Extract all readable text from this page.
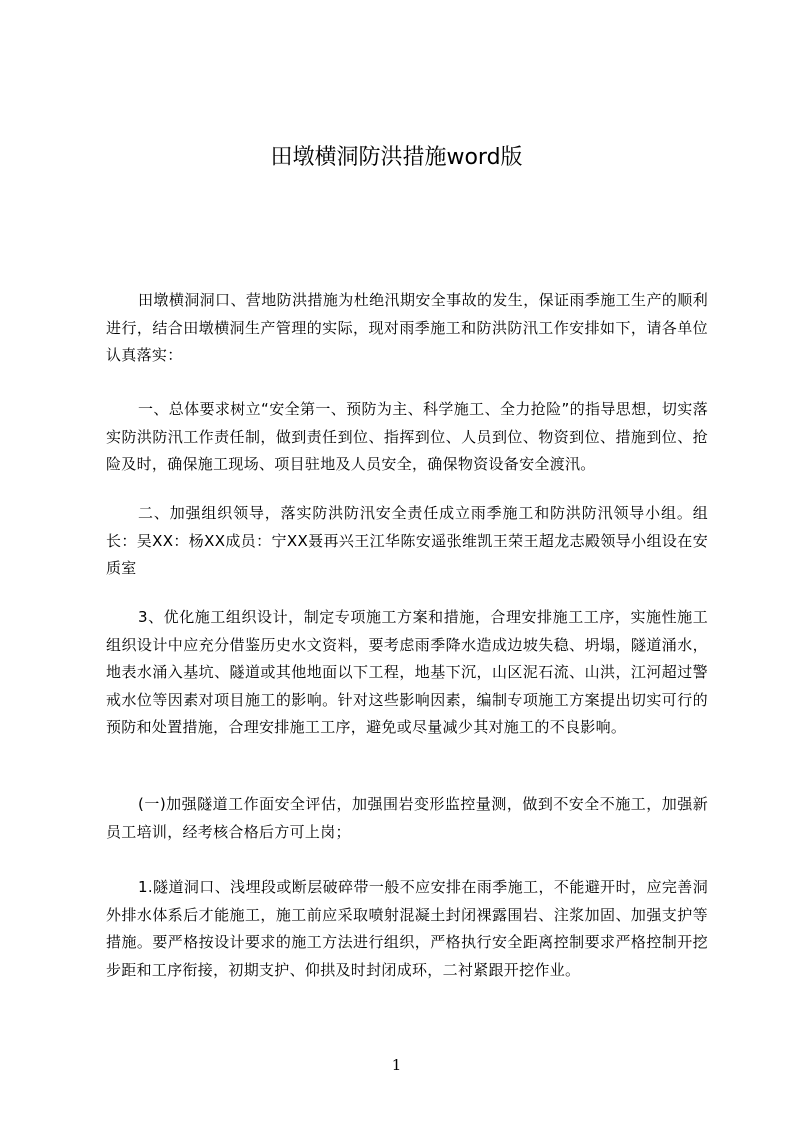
田墩横洞防洪措施word版

田墩横洞洞口、营地防洪措施为杜绝汛期安全事故的发生，保证雨季施工生产的顺利进行，结合田墩横洞生产管理的实际，现对雨季施工和防洪防汛工作安排如下，请各单位认真落实：

一、总体要求树立“安全第一、预防为主、科学施工、全力抢险”的指导思想，切实落实防洪防汛工作责任制，做到责任到位、指挥到位、人员到位、物资到位、措施到位、抢险及时，确保施工现场、项目驻地及人员安全，确保物资设备安全渡汛。

二、加强组织领导，落实防洪防汛安全责任成立雨季施工和防洪防汛领导小组。组长：吴XX：杨XX成员：宁XX聂再兴王江华陈安遥张维凯王荣王超龙志殿领导小组设在安质室

3、优化施工组织设计，制定专项施工方案和措施，合理安排施工工序，实施性施工组织设计中应充分借鉴历史水文资料，要考虑雨季降水造成边坡失稳、坍塌，隧道涌水，地表水涌入基坑、隧道或其他地面以下工程，地基下沉，山区泥石流、山洪，江河超过警戒水位等因素对项目施工的影响。针对这些影响因素，编制专项施工方案提出切实可行的预防和处置措施，合理安排施工工序，避免或尽量减少其对施工的不良影响。

(一)加强隧道工作面安全评估，加强围岩变形监控量测，做到不安全不施工，加强新员工培训，经考核合格后方可上岗；

1.隧道洞口、浅埋段或断层破碎带一般不应安排在雨季施工，不能避开时，应完善洞外排水体系后才能施工，施工前应采取喷射混凝土封闭裸露围岩、注浆加固、加强支护等措施。要严格按设计要求的施工方法进行组织，严格执行安全距离控制要求严格控制开挖步距和工序衔接，初期支护、仰拱及时封闭成环，二衬紧跟开挖作业。

1
